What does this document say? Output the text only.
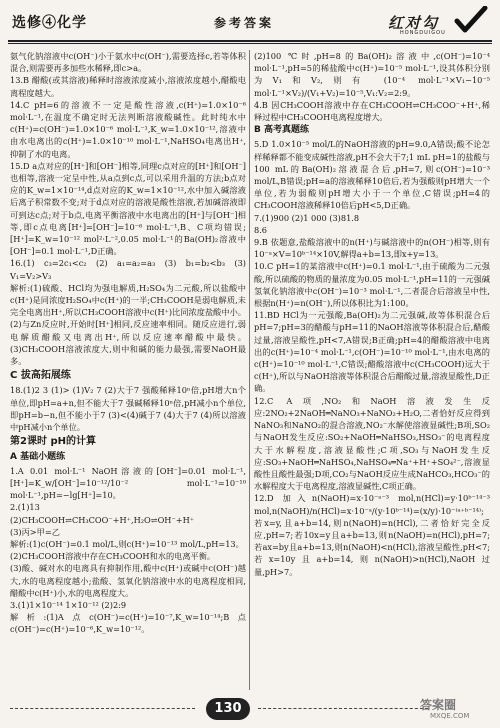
选修④化学	参考答案	红对勾
HONGDUIGOU

氨气化钠溶液中c(OH⁻)小于氨水中c(OH⁻),需要选择c,若等体积混合,则需要再多加些水稀释,即c>a。

13.B 醋酸(或其溶液)稀释时溶液浓度减小,溶液浓度越小,醋酸电离程度越大。

14.C pH=6的溶液不一定是酸性溶液,c(H⁺)=1.0×10⁻⁶ mol·L⁻¹,在温度不确定时无法判断溶液酸碱性。此时纯水中c(H⁺)=c(OH⁻)=1.0×10⁻⁶ mol·L⁻¹,K_w=1.0×10⁻¹²,溶液中由水电离出的c(H⁺)=1.0×10⁻¹⁰ mol·L⁻¹,NaHSO₄电离出H⁺,抑制了水的电离。

15.D a点对应的[H⁺]和[OH⁻]相等,同理c点对应的[H⁺]和[OH⁻]也相等,溶液一定呈中性,从a点到c点,可以采用升温的方法;b点对应的K_w=1×10⁻¹⁴,d点对应的K_w=1×10⁻¹²,水中加入碱溶液后离子积常数不变;对于d点对应的溶液是酸性溶液,若加碱溶液即可到达c点;对于b点,电离平衡溶液中水电离出的[H⁺]与[OH⁻]相等,即c点电离[H⁺]=[OH⁻]=10⁻⁶ mol·L⁻¹,B、C项均错误;[H⁺]=K_w=10⁻¹² mol²·L⁻²,0.05 mol·L⁻¹的Ba(OH)₂溶液中[OH⁻]=0.1 mol·L⁻¹,D正确。

16.(1) c₃=2c₁<c₂ (2) a₁=a₂=a₃ (3) b₁=b₂<b₃ (3) V₁=V₂>V₃

解析:(1)硫酸、HCl均为强电解质,H₂SO₄为二元酸,所以盐酸中c(H⁺)是同浓度H₂SO₄中c(H⁺)的一半;CH₃COOH是弱电解质,未完全电离出H⁺,所以CH₃COOH溶液中c(H⁺)比同浓度盐酸中小。(2)与Zn反应时,开始时[H⁺]相同,反应速率相同。随反应进行,弱电解质醋酸又电离出H⁺,所以反应速率醋酸中最快。(3)CH₃COOH溶液浓度大,则中和碱的能力最强,需要NaOH最多。

C 拔高拓展练

18.(1)2 3 (1)> (1)V₂ 7 (2)大于7 强酸稀释10ⁿ倍,pH增大n个单位,即pH=a+n,但不能大于7 强碱稀释10ⁿ倍,pH减小n个单位,即pH=b−n,但不能小于7 (3)<(4)碱于7 (4)大于7 (4)所以溶液中pH减小n个单位。

第2课时 pH的计算

A 基础小题练

1.A 0.01 mol·L⁻¹ NaOH溶液的[OH⁻]=0.01 mol·L⁻¹,[H⁺]=K_w/[OH⁻]=10⁻¹²/10⁻² mol·L⁻¹=10⁻¹⁰ mol·L⁻¹,pH=−lg[H⁺]=10。

2.(1)13

(2)CH₃COOH⇌CH₃COO⁻+H⁺,H₂O⇌OH⁻+H⁺

(3)丙>甲=乙

解析:(1)c(OH⁻)=0.1 mol/L,则c(H⁺)=10⁻¹³ mol/L,pH=13。

(2)CH₃COOH溶液中存在CH₃COOH和水的电离平衡。

(3)酸、碱对水的电离具有抑制作用,酸中c(H⁺)或碱中c(OH⁻)越大,水的电离程度越小;盐酸、氢氧化钠溶液中水的电离程度相同,醋酸中c(H⁺)小,水的电离程度大。

3.(1)1×10⁻¹⁴ 1×10⁻¹² (2)2:9

解析:(1)A点c(OH⁻)=c(H⁺)=10⁻⁷,K_w=10⁻¹⁴;B点c(OH⁻)=c(H⁺)=10⁻⁶,K_w=10⁻¹²。

(2)100 ℃时,pH=8的Ba(OH)₂溶液中,c(OH⁻)=10⁻⁴ mol·L⁻¹,pH=5的稀盐酸中c(H⁺)=10⁻⁵ mol·L⁻¹,设其体积分别为V₁和V₂,则有 (10⁻⁴ mol·L⁻¹×V₁−10⁻⁵ mol·L⁻¹×V₂)/(V₁+V₂)=10⁻⁵,V₁:V₂=2:9。

4.B 因CH₃COOH溶液中存在CH₃COOH⇌CH₃COO⁻+H⁺,稀释过程中CH₃COOH电离程度增大。

B 高考真题练

5.D 1.0×10⁻⁵ mol/L的NaOH溶液的pH=9.0,A错误;酸不论怎样稀释都不能变成碱性溶液,pH不会大于7;1 mL pH=1的盐酸与100 mL的Ba(OH)₂溶液混合后,pH=7,则c(OH⁻)=10⁻³ mol/L,B错误;pH=a的溶液稀释10倍后,若为强酸则pH增大一个单位,若为弱酸则pH增大小于一个单位,C错误;pH=4的CH₃COOH溶液稀释10倍后pH<5,D正确。

7.(1)900 (2)1 000 (3)81.8

8.6

9.B 依题意,盐酸溶液中的n(H⁺)与碱溶液中的n(OH⁻)相等,则有10⁻ᵃ×V=10ᵇ⁻¹⁴×10V,解得a+b=13,即x+y=13。

10.C pH=1的某溶液中c(H⁺)=0.1 mol·L⁻¹,由于硫酸为二元强酸,所以硫酸的物质的量浓度为0.05 mol·L⁻¹,pH=11的一元强碱氢氧化钠溶液中c(OH⁻)=10⁻³ mol·L⁻¹,二者混合后溶液呈中性,根据n(H⁺)=n(OH⁻),所以体积比为1:100。

11.BD HCl为一元强酸,Ba(OH)₂为二元强碱,故等体积混合后pH=7;pH=3的醋酸与pH=11的NaOH溶液等体积混合后,醋酸过量,溶液呈酸性,pH<7,A错误;B正确;pH=4的醋酸溶液中电离出的c(H⁺)=10⁻⁴ mol·L⁻¹,c(OH⁻)=10⁻¹⁰ mol·L⁻¹,由水电离的c(H⁺)=10⁻¹⁰ mol·L⁻¹,C错误;醋酸溶液中c(CH₃COOH)远大于c(H⁺),所以与NaOH溶液等体积混合后醋酸过量,溶液显酸性,D正确。

12.C A项,NO₂和NaOH溶液发生反应:2NO₂+2NaOH═NaNO₃+NaNO₂+H₂O,二者恰好反应得到NaNO₃和NaNO₂的混合溶液,NO₂⁻水解使溶液显碱性;B项,SO₂与NaOH发生反应:SO₂+NaOH═NaHSO₃,HSO₃⁻的电离程度大于水解程度,溶液显酸性;C项,SO₃与NaOH发生反应:SO₃+NaOH═NaHSO₄,NaHSO₄═Na⁺+H⁺+SO₄²⁻,溶液显酸性且酸性最强;D项,CO₂与NaOH反应生成NaHCO₃,HCO₃⁻的水解程度大于电离程度,溶液显碱性,C项正确。

12.D 加入n(NaOH)=x·10⁻ᵃ⁻³ mol,n(HCl)=y·10ᵇ⁻¹⁴⁻³ mol,n(NaOH)/n(HCl)=x·10⁻ᵃ/(y·10ᵇ⁻¹⁴)=(x/y)·10⁻⁽ᵃ⁺ᵇ⁻¹⁴⁾;若x=y,且a+b=14,则n(NaOH)=n(HCl),二者恰好完全反应,pH=7;若10x=y且a+b=13,则n(NaOH)=n(HCl),pH=7;若ax=by且a+b=13,则n(NaOH)<n(HCl),溶液呈酸性,pH<7;若x=10y且a+b=14,则n(NaOH)>n(HCl),NaOH过量,pH>7。

130	答案圈
MXQE.COM
